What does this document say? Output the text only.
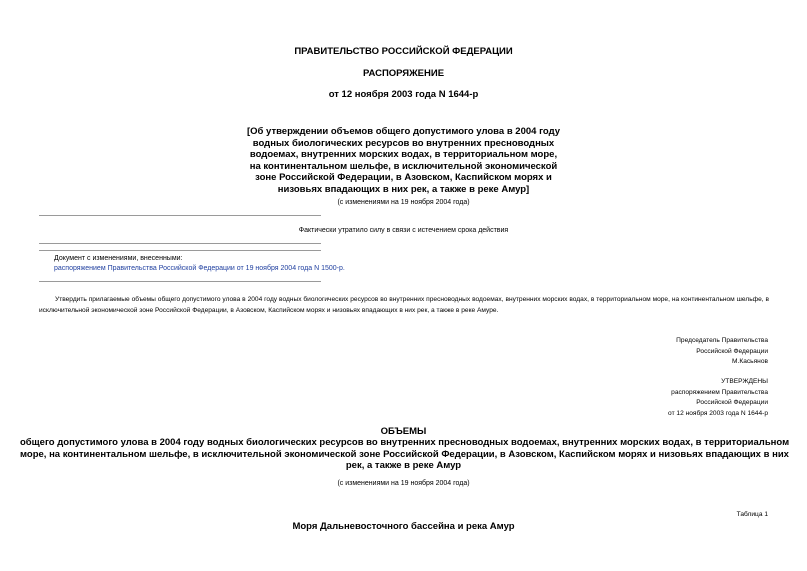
ПРАВИТЕЛЬСТВО РОССИЙСКОЙ ФЕДЕРАЦИИ
РАСПОРЯЖЕНИЕ
от 12 ноября 2003 года N 1644-р
[Об утверждении объемов общего допустимого улова в 2004 году
водных биологических ресурсов во внутренних пресноводных
водоемах, внутренних морских водах, в территориальном море,
на континентальном шельфе, в исключительной экономической
зоне Российской Федерации, в Азовском, Каспийском морях и
низовьях впадающих в них рек, а также в реке Амур]
(с изменениями на 19 ноября 2004 года)
Фактически утратило силу в связи с истечением срока действия
Документ с изменениями, внесенными:
распоряжением Правительства Российской Федерации от 19 ноября 2004 года N 1500-р.
Утвердить прилагаемые объемы общего допустимого улова в 2004 году водных биологических ресурсов во внутренних пресноводных водоемах, внутренних морских водах, в территориальном море, на континентальном шельфе, в исключительной экономической зоне Российской Федерации, в Азовском, Каспийском морях и низовьях впадающих в них рек, а также в реке Амуре.
Председатель Правительства
Российской Федерации
М.Касьянов
УТВЕРЖДЕНЫ
распоряжением Правительства
Российской Федерации
от 12 ноября 2003 года N 1644-р
ОБЪЕМЫ
общего допустимого улова в 2004 году водных биологических ресурсов во внутренних пресноводных водоемах, внутренних морских водах, в территориальном
море, на континентальном шельфе, в исключительной экономической зоне Российской Федерации, в Азовском, Каспийском морях и низовьях впадающих в них
рек, а также в реке Амур
(с изменениями на 19 ноября 2004 года)
Таблица 1
Моря Дальневосточного бассейна и река Амур
